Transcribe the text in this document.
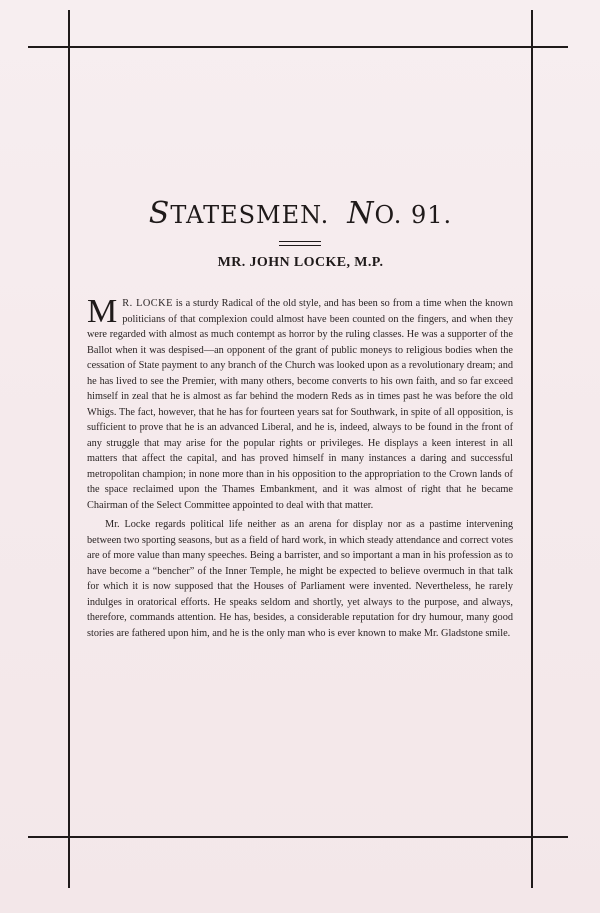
STATESMEN. NO. 91.
MR. JOHN LOCKE, M.P.

M R. LOCKE is a sturdy Radical of the old style, and has been so from a time when the known politicians of that complexion could almost have been counted on the fingers, and when they were regarded with almost as much contempt as horror by the ruling classes. He was a supporter of the Ballot when it was despised—an opponent of the grant of public moneys to religious bodies when the cessation of State payment to any branch of the Church was looked upon as a revolutionary dream; and he has lived to see the Premier, with many others, become converts to his own faith, and so far exceed himself in zeal that he is almost as far behind the modern Reds as in times past he was before the old Whigs. The fact, however, that he has for fourteen years sat for Southwark, in spite of all opposition, is sufficient to prove that he is an advanced Liberal, and he is, indeed, always to be found in the front of any struggle that may arise for the popular rights or privileges. He displays a keen interest in all matters that affect the capital, and has proved himself in many instances a daring and successful metropolitan champion; in none more than in his opposition to the appropriation to the Crown lands of the space reclaimed upon the Thames Embankment, and it was almost of right that he became Chairman of the Select Committee appointed to deal with that matter.

Mr. Locke regards political life neither as an arena for display nor as a pastime intervening between two sporting seasons, but as a field of hard work, in which steady attendance and correct votes are of more value than many speeches. Being a barrister, and so important a man in his profession as to have become a “bencher” of the Inner Temple, he might be expected to believe overmuch in that talk for which it is now supposed that the Houses of Parliament were invented. Nevertheless, he rarely indulges in oratorical efforts. He speaks seldom and shortly, yet always to the purpose, and always, therefore, commands attention. He has, besides, a considerable reputation for dry humour, many good stories are fathered upon him, and he is the only man who is ever known to make Mr. Gladstone smile.
